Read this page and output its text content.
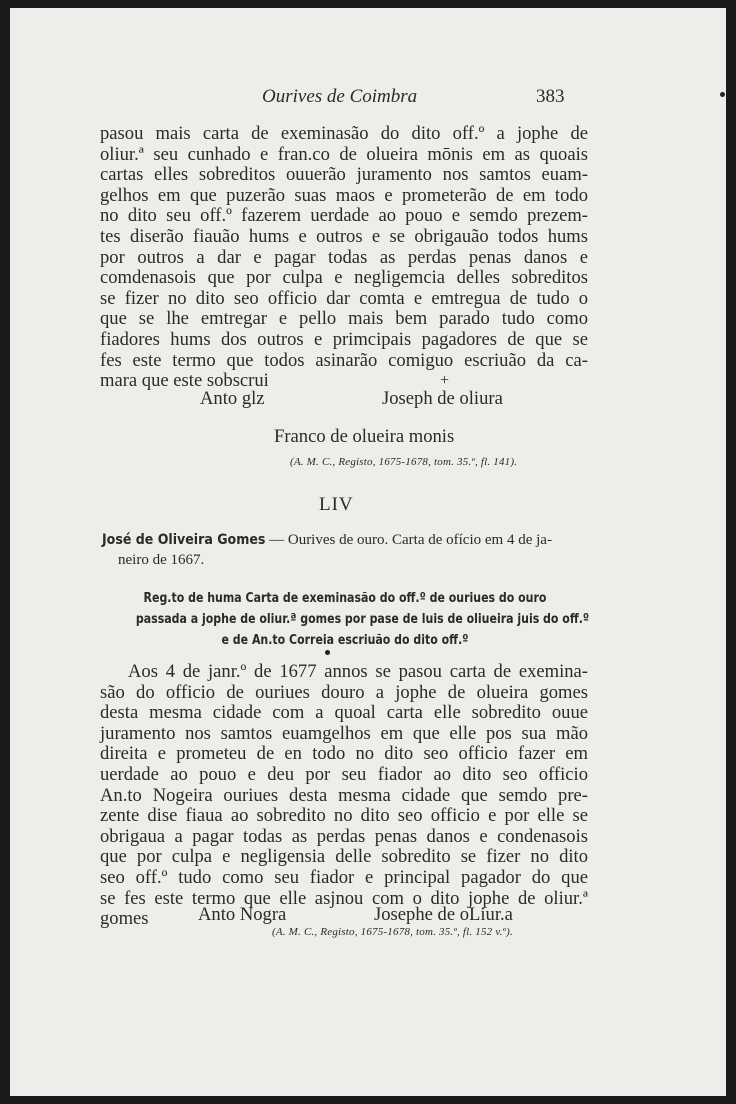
Ourives de Coimbra	383

pasou mais carta de exeminasão do dito off.º a jophe de
oliur.ª seu cunhado e fran.co de olueira mōnis em as quoais
cartas elles sobreditos ouuerão juramento nos samtos euam-
gelhos em que puzerão suas maos e prometerão de em todo
no dito seu off.º fazerem uerdade ao pouo e semdo prezem-
tes diserão fiauão hums e outros e se obrigauão todos hums
por outros a dar e pagar todas as perdas penas danos e
comdenasois que por culpa e negligemcia delles sobreditos
se fizer no dito seo officio dar comta e emtregua de tudo o
que se lhe emtregar e pello mais bem parado tudo como
fiadores hums dos outros e primcipais pagadores de que se
fes este termo que todos asinarão comiguo escriuão da ca-
mara que este sobscrui	+

Anto glz	Joseph de oliura

Franco de olueira monis

(A. M. C., Registo, 1675-1678, tom. 35.º, fl. 141).

LIV

José de Oliveira Gomes — Ourives de ouro. Carta de ofício em 4 de ja-
neiro de 1667.
Reg.to de huma Carta de exeminasão do off.º de ouriues do ouro
passada a jophe de oliur.ª gomes por pase de luis de oliueira juis do off.º
e de An.to Correia escriuão do dito off.º
Aos 4 de janr.º de 1677 annos se pasou carta de exemina-
são do officio de ouriues douro a jophe de olueira gomes
desta mesma cidade com a quoal carta elle sobredito ouue
juramento nos samtos euamgelhos em que elle pos sua mão
direita e prometeu de en todo no dito seo officio fazer em
uerdade ao pouo e deu por seu fiador ao dito seo officio
An.to Nogeira ouriues desta mesma cidade que semdo pre-
zente dise fiaua ao sobredito no dito seo officio e por elle se
obrigaua a pagar todas as perdas penas danos e condenasois
que por culpa e negligensia delle sobredito se fizer no dito
seo off.º tudo como seu fiador e principal pagador do que
se fes este termo que elle asjnou com o dito jophe de oliur.ª
gomes	Anto Nogra	Josephe de oLiur.a

(A. M. C., Registo, 1675-1678, tom. 35.º, fl. 152 v.º).
